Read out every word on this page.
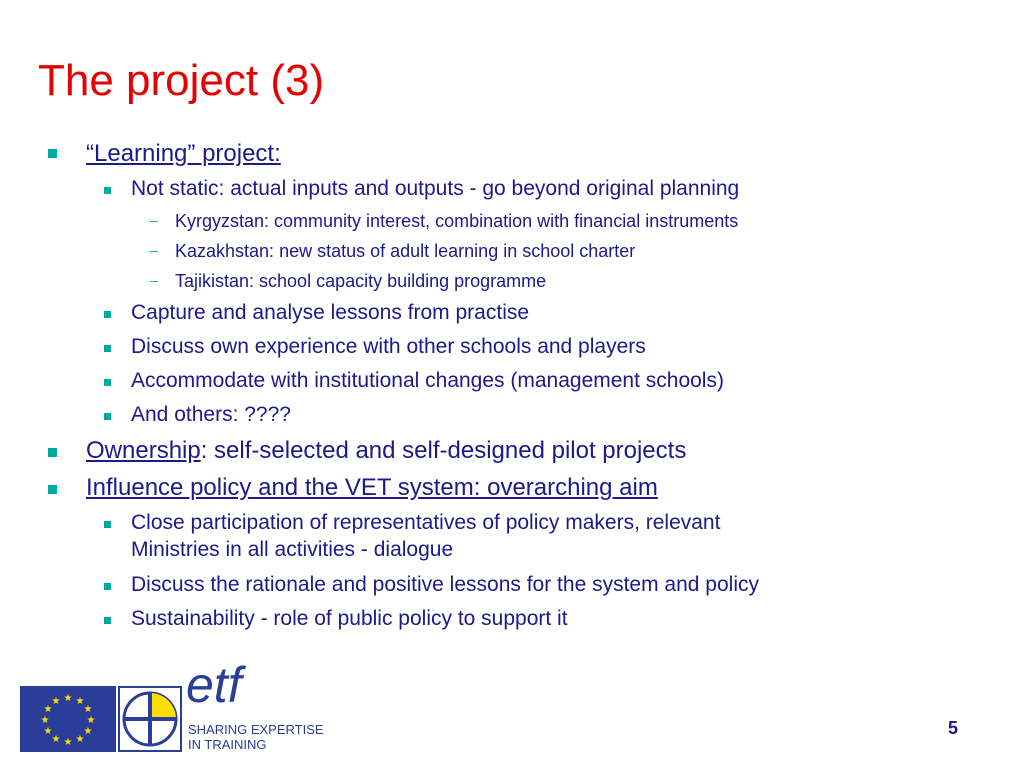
The project (3)
“Learning” project:
Not static: actual inputs and outputs - go beyond original planning
– Kyrgyzstan: community interest, combination with financial instruments
– Kazakhstan: new status of adult learning in school charter
– Tajikistan: school capacity building programme
Capture and analyse lessons from practise
Discuss own experience with other schools and players
Accommodate with institutional changes (management schools)
And others: ????
Ownership: self-selected and self-designed pilot projects
Influence policy and the VET system: overarching aim
Close participation of representatives of policy makers, relevant
Ministries in all activities - dialogue
Discuss the rationale and positive lessons for the system and policy
Sustainability - role of public policy to support it
★ ★
★
★
★
★
★
★
★
★
★
★	etf
SHARING EXPERTISE
IN TRAINING
5
